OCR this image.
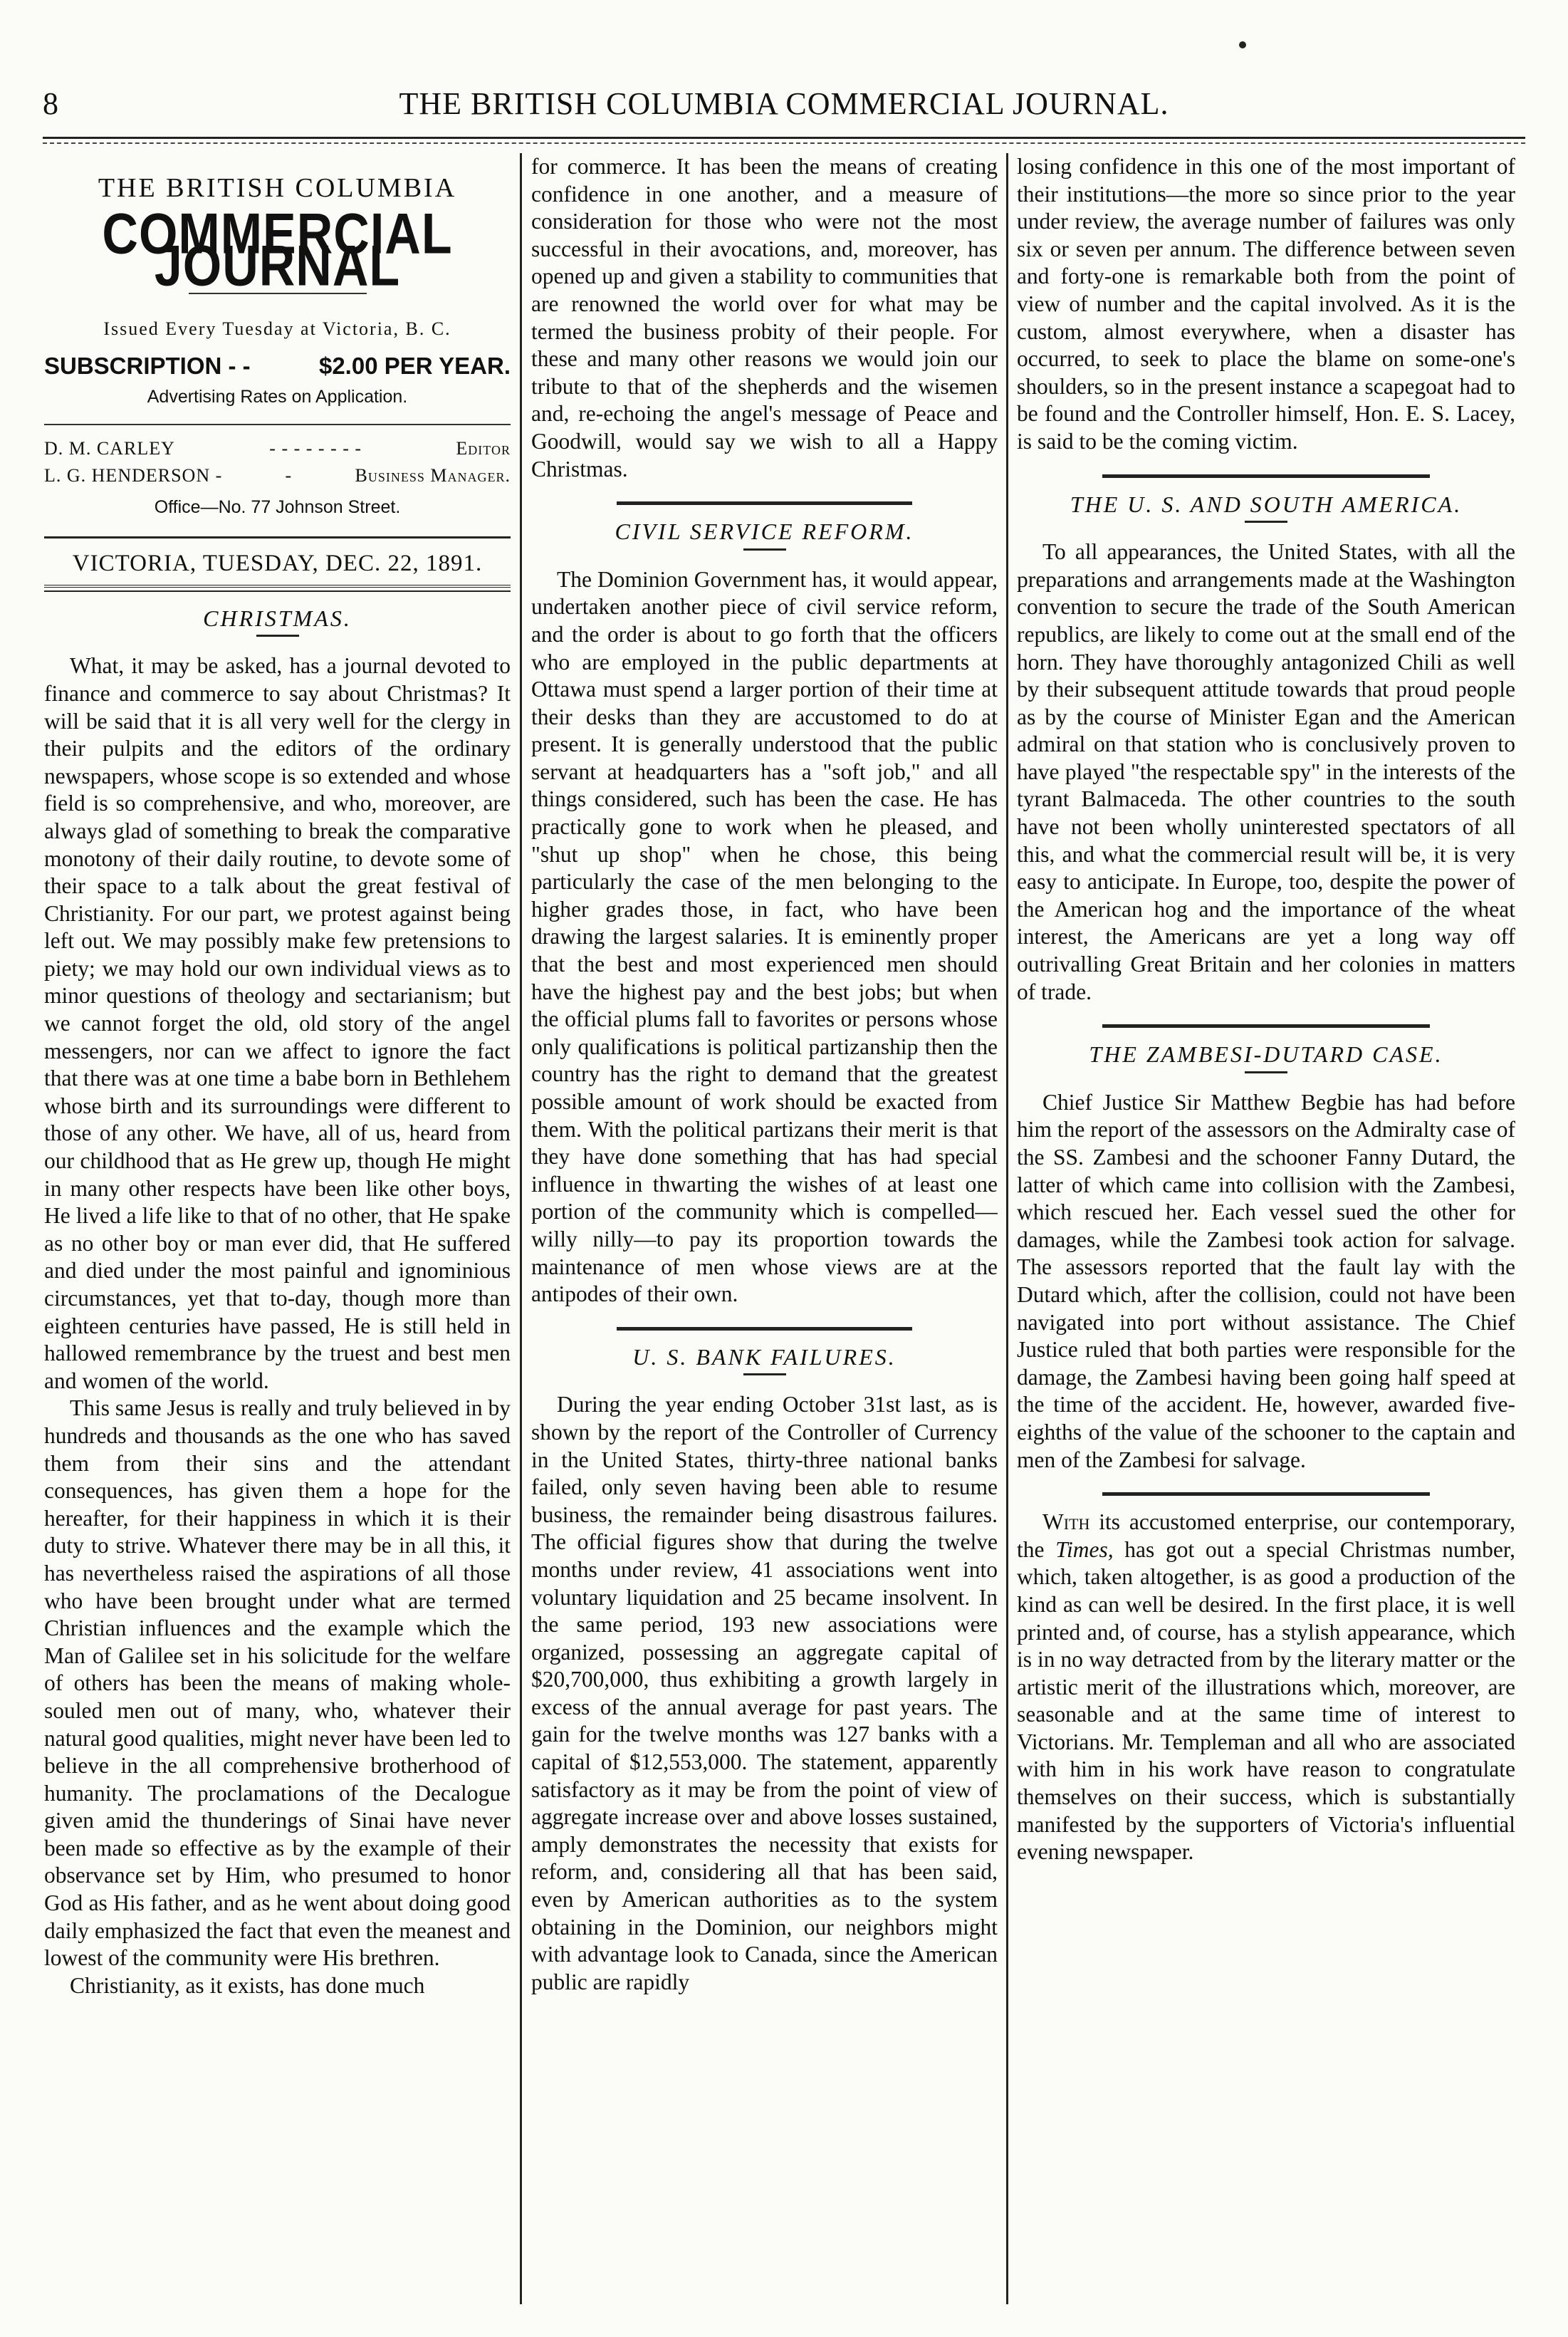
8	THE BRITISH COLUMBIA COMMERCIAL JOURNAL.
THE BRITISH COLUMBIA
COMMERCIAL JOURNAL
Issued Every Tuesday at Victoria, B. C.
SUBSCRIPTION - -	$2.00 PER YEAR.
Advertising Rates on Application.
D. M. CARLEY	- - - - - - - -	Editor
L. G. HENDERSON -	-	Business Manager.
Office—No. 77 Johnson Street.
VICTORIA, TUESDAY, DEC. 22, 1891.
CHRISTMAS.

What, it may be asked, has a journal devoted to finance and commerce to say about Christmas? It will be said that it is all very well for the clergy in their pulpits and the editors of the ordinary newspapers, whose scope is so extended and whose field is so comprehensive, and who, moreover, are always glad of something to break the comparative monotony of their daily routine, to devote some of their space to a talk about the great festival of Christianity. For our part, we protest against being left out. We may possibly make few pretensions to piety; we may hold our own individual views as to minor questions of theology and sectarianism; but we cannot forget the old, old story of the angel messengers, nor can we affect to ignore the fact that there was at one time a babe born in Bethlehem whose birth and its surroundings were different to those of any other. We have, all of us, heard from our childhood that as He grew up, though He might in many other respects have been like other boys, He lived a life like to that of no other, that He spake as no other boy or man ever did, that He suffered and died under the most painful and ignominious circumstances, yet that to-day, though more than eighteen centuries have passed, He is still held in hallowed remembrance by the truest and best men and women of the world.

This same Jesus is really and truly believed in by hundreds and thousands as the one who has saved them from their sins and the attendant consequences, has given them a hope for the hereafter, for their happiness in which it is their duty to strive. Whatever there may be in all this, it has nevertheless raised the aspirations of all those who have been brought under what are termed Christian influences and the example which the Man of Galilee set in his solicitude for the welfare of others has been the means of making whole-souled men out of many, who, whatever their natural good qualities, might never have been led to believe in the all comprehensive brotherhood of humanity. The proclamations of the Decalogue given amid the thunderings of Sinai have never been made so effective as by the example of their observance set by Him, who presumed to honor God as His father, and as he went about doing good daily emphasized the fact that even the meanest and lowest of the community were His brethren.

Christianity, as it exists, has done much

for commerce. It has been the means of creating confidence in one another, and a measure of consideration for those who were not the most successful in their avocations, and, moreover, has opened up and given a stability to communities that are renowned the world over for what may be termed the business probity of their people. For these and many other reasons we would join our tribute to that of the shepherds and the wisemen and, re-echoing the angel's message of Peace and Goodwill, would say we wish to all a Happy Christmas.

CIVIL SERVICE REFORM.

The Dominion Government has, it would appear, undertaken another piece of civil service reform, and the order is about to go forth that the officers who are employed in the public departments at Ottawa must spend a larger portion of their time at their desks than they are accustomed to do at present. It is generally understood that the public servant at headquarters has a "soft job," and all things considered, such has been the case. He has practically gone to work when he pleased, and "shut up shop" when he chose, this being particularly the case of the men belonging to the higher grades those, in fact, who have been drawing the largest salaries. It is eminently proper that the best and most experienced men should have the highest pay and the best jobs; but when the official plums fall to favorites or persons whose only qualifications is political partizanship then the country has the right to demand that the greatest possible amount of work should be exacted from them. With the political partizans their merit is that they have done something that has had special influence in thwarting the wishes of at least one portion of the community which is compelled—willy nilly—to pay its proportion towards the maintenance of men whose views are at the antipodes of their own.

U. S. BANK FAILURES.

During the year ending October 31st last, as is shown by the report of the Controller of Currency in the United States, thirty-three national banks failed, only seven having been able to resume business, the remainder being disastrous failures. The official figures show that during the twelve months under review, 41 associations went into voluntary liquidation and 25 became insolvent. In the same period, 193 new associations were organized, possessing an aggregate capital of $20,700,000, thus exhibiting a growth largely in excess of the annual average for past years. The gain for the twelve months was 127 banks with a capital of $12,553,000. The statement, apparently satisfactory as it may be from the point of view of aggregate increase over and above losses sustained, amply demonstrates the necessity that exists for reform, and, considering all that has been said, even by American authorities as to the system obtaining in the Dominion, our neighbors might with advantage look to Canada, since the American public are rapidly

losing confidence in this one of the most important of their institutions—the more so since prior to the year under review, the average number of failures was only six or seven per annum. The difference between seven and forty-one is remarkable both from the point of view of number and the capital involved. As it is the custom, almost everywhere, when a disaster has occurred, to seek to place the blame on some-one's shoulders, so in the present instance a scapegoat had to be found and the Controller himself, Hon. E. S. Lacey, is said to be the coming victim.

THE U. S. AND SOUTH AMERICA.

To all appearances, the United States, with all the preparations and arrangements made at the Washington convention to secure the trade of the South American republics, are likely to come out at the small end of the horn. They have thoroughly antagonized Chili as well by their subsequent attitude towards that proud people as by the course of Minister Egan and the American admiral on that station who is conclusively proven to have played "the respectable spy" in the interests of the tyrant Balmaceda. The other countries to the south have not been wholly uninterested spectators of all this, and what the commercial result will be, it is very easy to anticipate. In Europe, too, despite the power of the American hog and the importance of the wheat interest, the Americans are yet a long way off outrivalling Great Britain and her colonies in matters of trade.

THE ZAMBESI-DUTARD CASE.

Chief Justice Sir Matthew Begbie has had before him the report of the assessors on the Admiralty case of the SS. Zambesi and the schooner Fanny Dutard, the latter of which came into collision with the Zambesi, which rescued her. Each vessel sued the other for damages, while the Zambesi took action for salvage. The assessors reported that the fault lay with the Dutard which, after the collision, could not have been navigated into port without assistance. The Chief Justice ruled that both parties were responsible for the damage, the Zambesi having been going half speed at the time of the accident. He, however, awarded five-eighths of the value of the schooner to the captain and men of the Zambesi for salvage.

With its accustomed enterprise, our contemporary, the Times, has got out a special Christmas number, which, taken altogether, is as good a production of the kind as can well be desired. In the first place, it is well printed and, of course, has a stylish appearance, which is in no way detracted from by the literary matter or the artistic merit of the illustrations which, moreover, are seasonable and at the same time of interest to Victorians. Mr. Templeman and all who are associated with him in his work have reason to congratulate themselves on their success, which is substantially manifested by the supporters of Victoria's influential evening newspaper.
